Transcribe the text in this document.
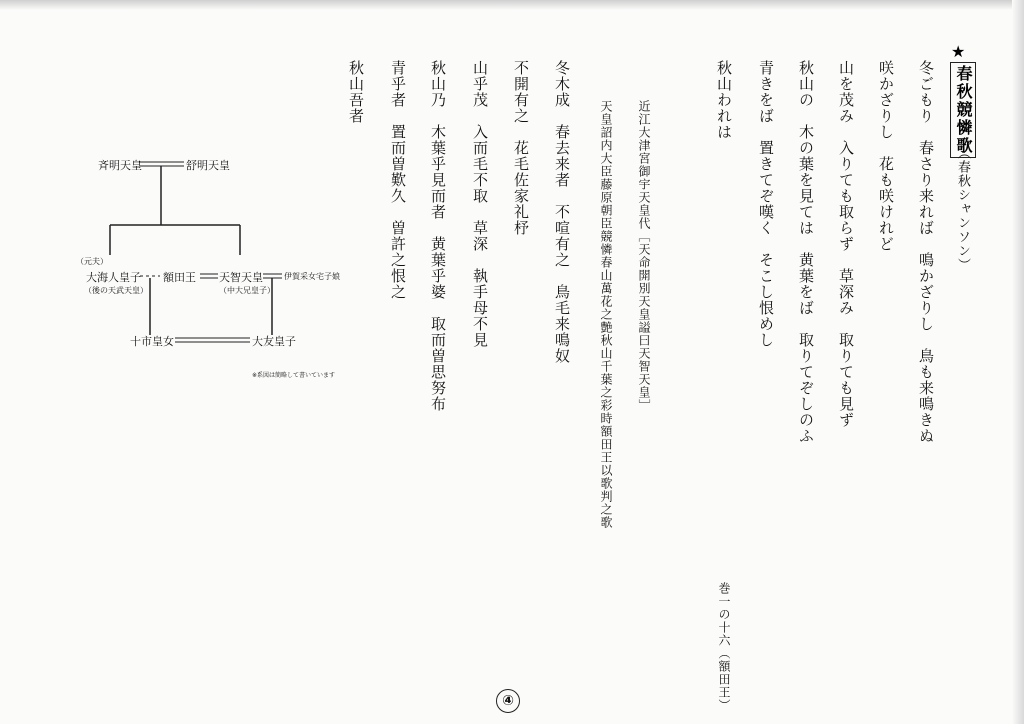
★
春秋競憐歌
（春秋シャンソン）
冬ごもり　春さり来れば　鳴かざりし　鳥も来鳴きぬ
咲かざりし　花も咲けれど
山を茂み　入りても取らず　草深み　取りても見ず
秋山の　木の葉を見ては　黄葉をば　取りてぞしのふ
青きをば　置きてぞ嘆く　そこし恨めし
秋山われは
巻一の十六（額田王）
近江大津宮御宇天皇代［天命開別天皇謚曰天智天皇］
天皇詔内大臣藤原朝臣競憐春山萬花之艶秋山千葉之彩時額田王以歌判之歌
冬木成　春去来者　不喧有之　鳥毛来鳴奴
不開有之　花毛佐家礼杼
山乎茂　入而毛不取　草深　執手母不見
秋山乃　木葉乎見而者　黄葉乎婆　取而曽思努布
青乎者　置而曽歎久　曽許之恨之
秋山吾者
斉明天皇	舒明天皇
（元夫）
大海人皇子
（後の天武天皇）
額田王 天智天皇
（中大兄皇子）
伊賀采女宅子娘
十市皇女	大友皇子
※系図は簡略して書いています
④
